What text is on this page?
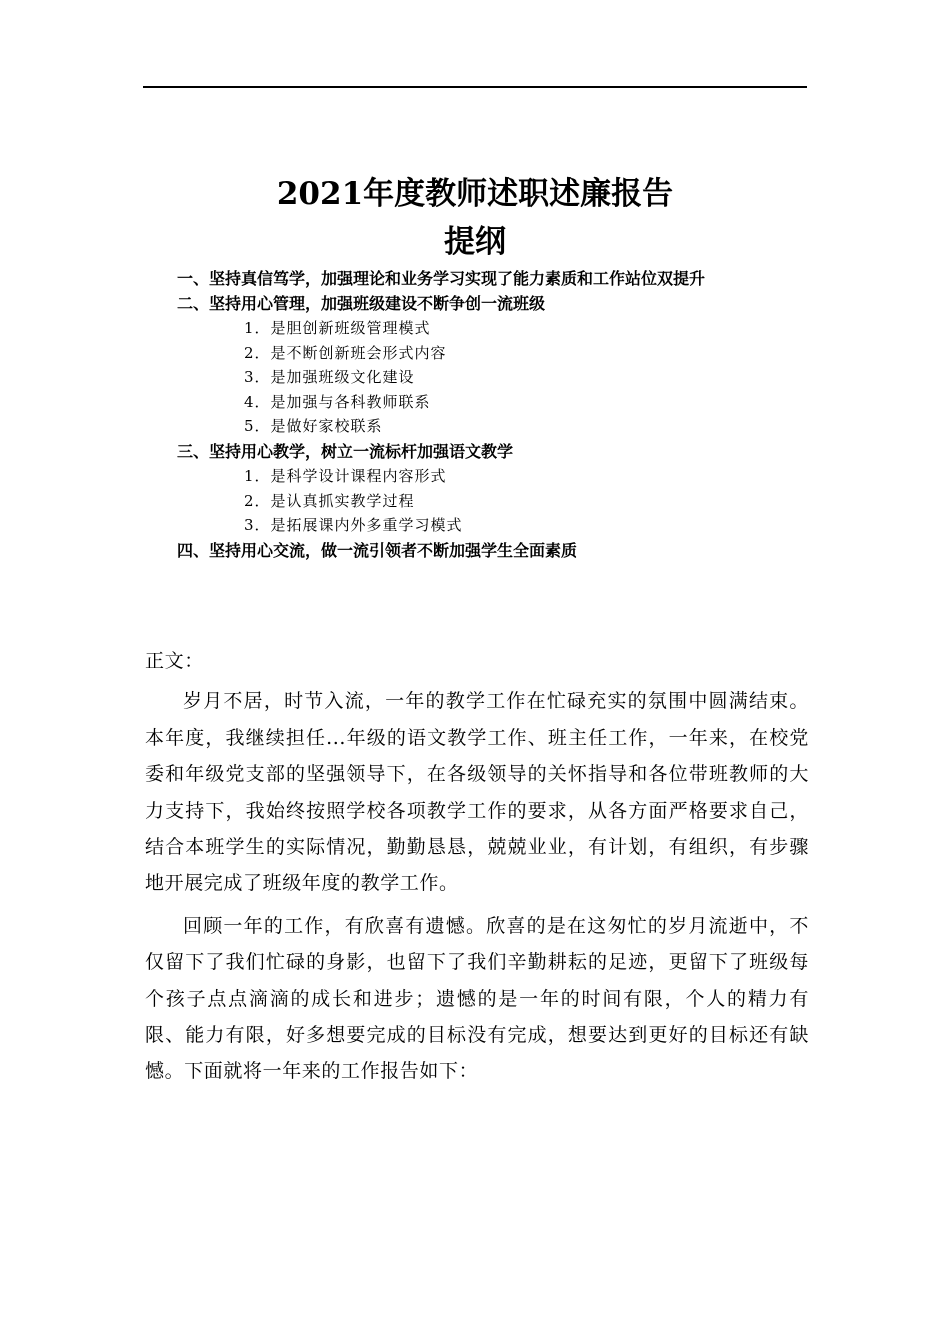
2021年度教师述职述廉报告
提纲

一、坚持真信笃学，加强理论和业务学习实现了能力素质和工作站位双提升

二、坚持用心管理，加强班级建设不断争创一流班级

1．是胆创新班级管理模式

2．是不断创新班会形式内容

3．是加强班级文化建设

4．是加强与各科教师联系

5．是做好家校联系

三、坚持用心教学，树立一流标杆加强语文教学

1．是科学设计课程内容形式

2．是认真抓实教学过程

3．是拓展课内外多重学习模式

四、坚持用心交流，做一流引领者不断加强学生全面素质

正文：

岁月不居，时节入流，一年的教学工作在忙碌充实的氛围中圆满结束。本年度，我继续担任...年级的语文教学工作、班主任工作，一年来，在校党委和年级党支部的坚强领导下，在各级领导的关怀指导和各位带班教师的大力支持下，我始终按照学校各项教学工作的要求，从各方面严格要求自己，结合本班学生的实际情况，勤勤恳恳，兢兢业业，有计划，有组织，有步骤地开展完成了班级年度的教学工作。

回顾一年的工作，有欣喜有遗憾。欣喜的是在这匆忙的岁月流逝中，不仅留下了我们忙碌的身影，也留下了我们辛勤耕耘的足迹，更留下了班级每个孩子点点滴滴的成长和进步；遗憾的是一年的时间有限，个人的精力有限、能力有限，好多想要完成的目标没有完成，想要达到更好的目标还有缺憾。下面就将一年来的工作报告如下：
